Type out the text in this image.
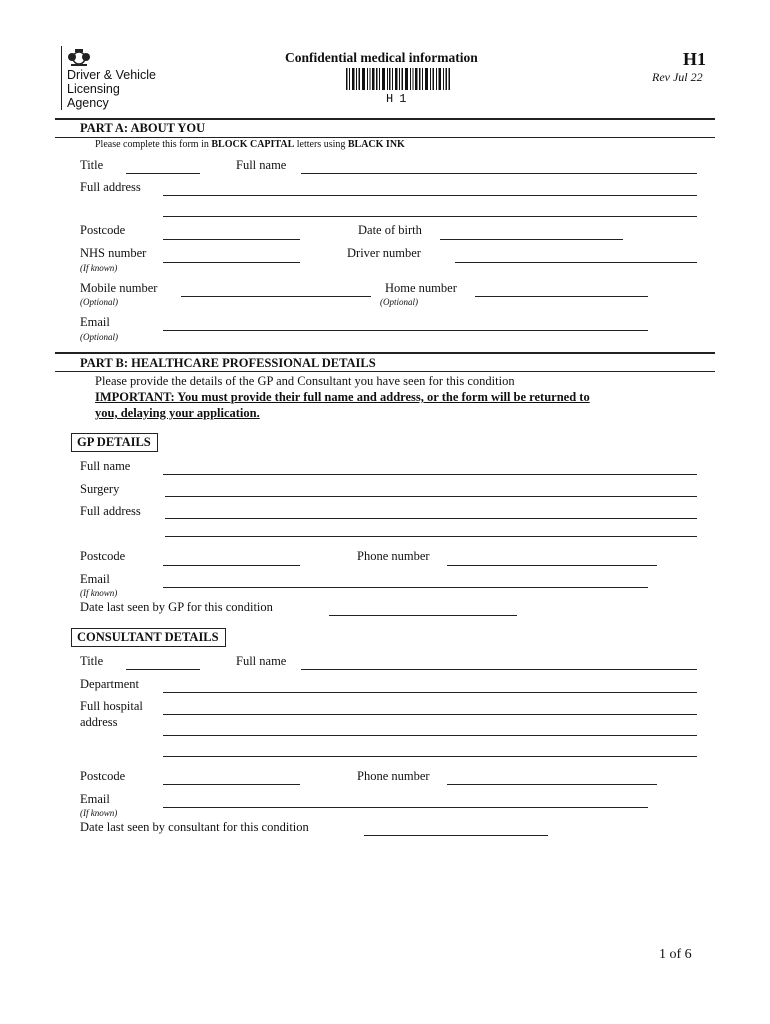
Driver & Vehicle
Licensing
Agency
Confidential medical information
H1
H1
Rev Jul 22
PART A: ABOUT YOU
Please complete this form in BLOCK CAPITAL letters using BLACK INK
Title	Full name
Full address
Postcode	Date of birth
NHS number
(If known)
Driver number
Mobile number
(Optional)
Home number
(Optional)
Email
(Optional)
PART B: HEALTHCARE PROFESSIONAL DETAILS
Please provide the details of the GP and Consultant you have seen for this condition
IMPORTANT: You must provide their full name and address, or the form will be returned to
you, delaying your application.
GP DETAILS
Full name
Surgery
Full address
Postcode	Phone number
Email
(If known)
Date last seen by GP for this condition
CONSULTANT DETAILS
Title	Full name
Department
Full hospital
address
Postcode	Phone number
Email
(If known)
Date last seen by consultant for this condition
1 of 6
